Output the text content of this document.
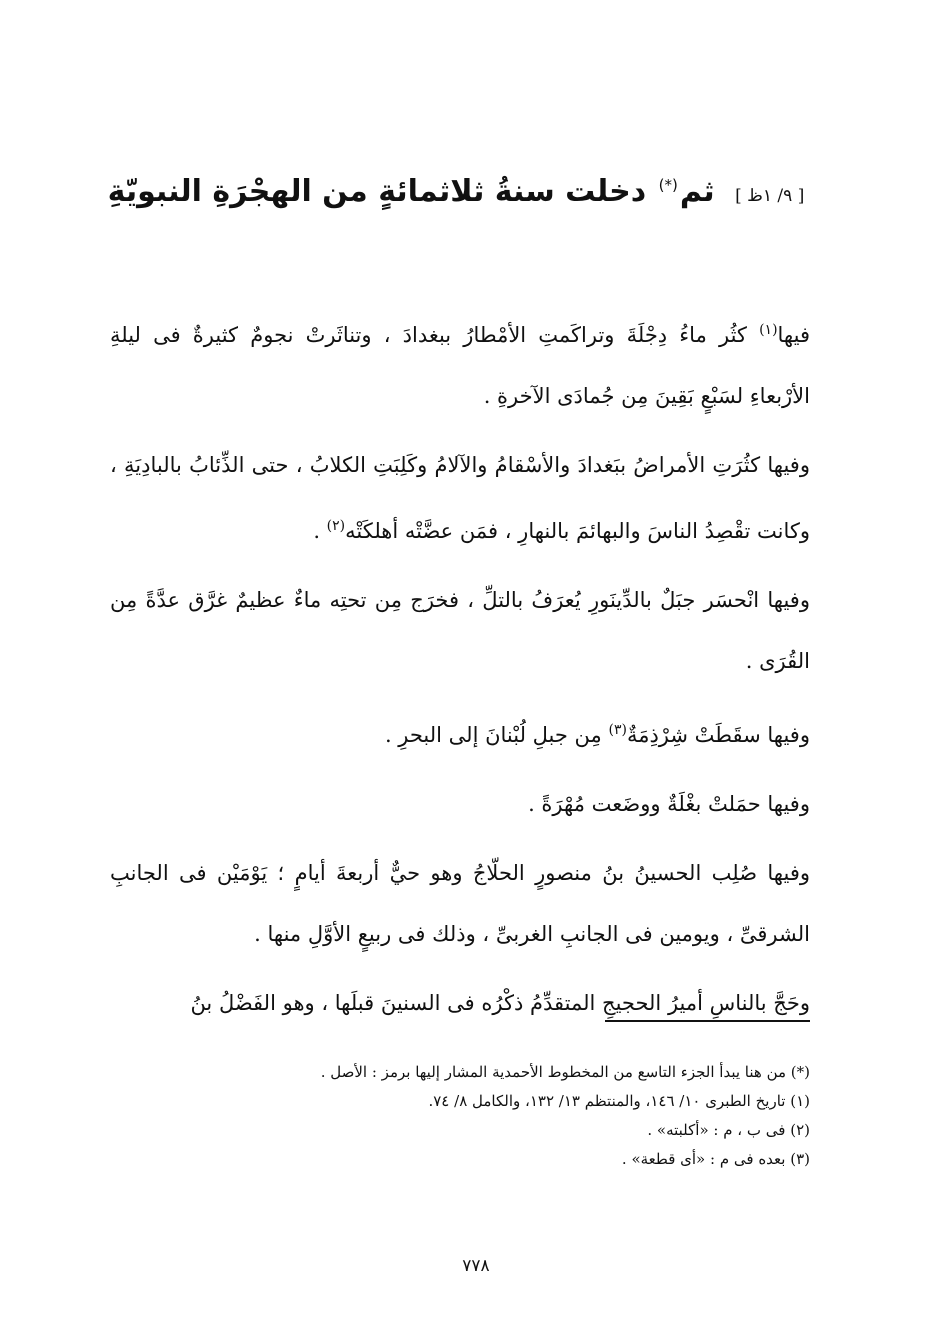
[ ٩/ ١ظ ] ثم(*) دخلت سنةُ ثلاثمائةٍ من الهجْرَةِ النبويّةِ

فيها$^{(١)}$ كثُر ماءُ دِجْلَةَ وتراكَمتِ الأمْطارُ ببغدادَ ، وتناثَرتْ نجومٌ كثيرةٌ فى ليلةِ الأرْبعاءِ لسَبْعٍ بَقِينَ مِن جُمادَى الآخرةِ .

وفيها كثُرَتِ الأمراضُ ببَغدادَ والأسْقامُ والآلامُ وكَلِبَتِ الكلابُ ، حتى الذِّئابُ بالبادِيَةِ ، وكانت تقْصِدُ الناسَ والبهائمَ بالنهارِ ، فمَن عضَّتْه أهلكَتْه$^{(٢)}$ .

وفيها انْحسَر جبَلٌ بالدِّينَورِ يُعرَفُ بالتلِّ ، فخرَج مِن تحتِه ماءٌ عظيمٌ غرَّق عدَّةً مِن القُرَى .

وفيها سقَطَتْ شِرْذِمَةٌ$^{(٣)}$ مِن جبلِ لُبْنانَ إلى البحرِ .

وفيها حمَلتْ بغْلَةٌ ووضَعت مُهْرَةً .

وفيها صُلِب الحسينُ بنُ منصورٍ الحلّاجُ وهو حيٌّ أربعةَ أيامٍ ؛ يَوْمَيْن فى الجانبِ الشرقىِّ ، ويومين فى الجانبِ الغربىِّ ، وذلك فى ربيعٍ الأوَّلِ منها .

وحَجَّ بالناسِ أميرُ الحجيجِ المتقدِّمُ ذكْرُه فى السنينَ قبلَها ، وهو الفَضْلُ بنُ

(*) من هنا يبدأ الجزء التاسع من المخطوط الأحمدية المشار إليها برمز : الأصل .

(١) تاريخ الطبرى ١٠/ ١٤٦، والمنتظم ١٣/ ١٣٢، والكامل ٨/ ٧٤.

(٢) فى ب ، م : «أكلبته» .

(٣) بعده فى م : «أى قطعة» .

٧٧٨
